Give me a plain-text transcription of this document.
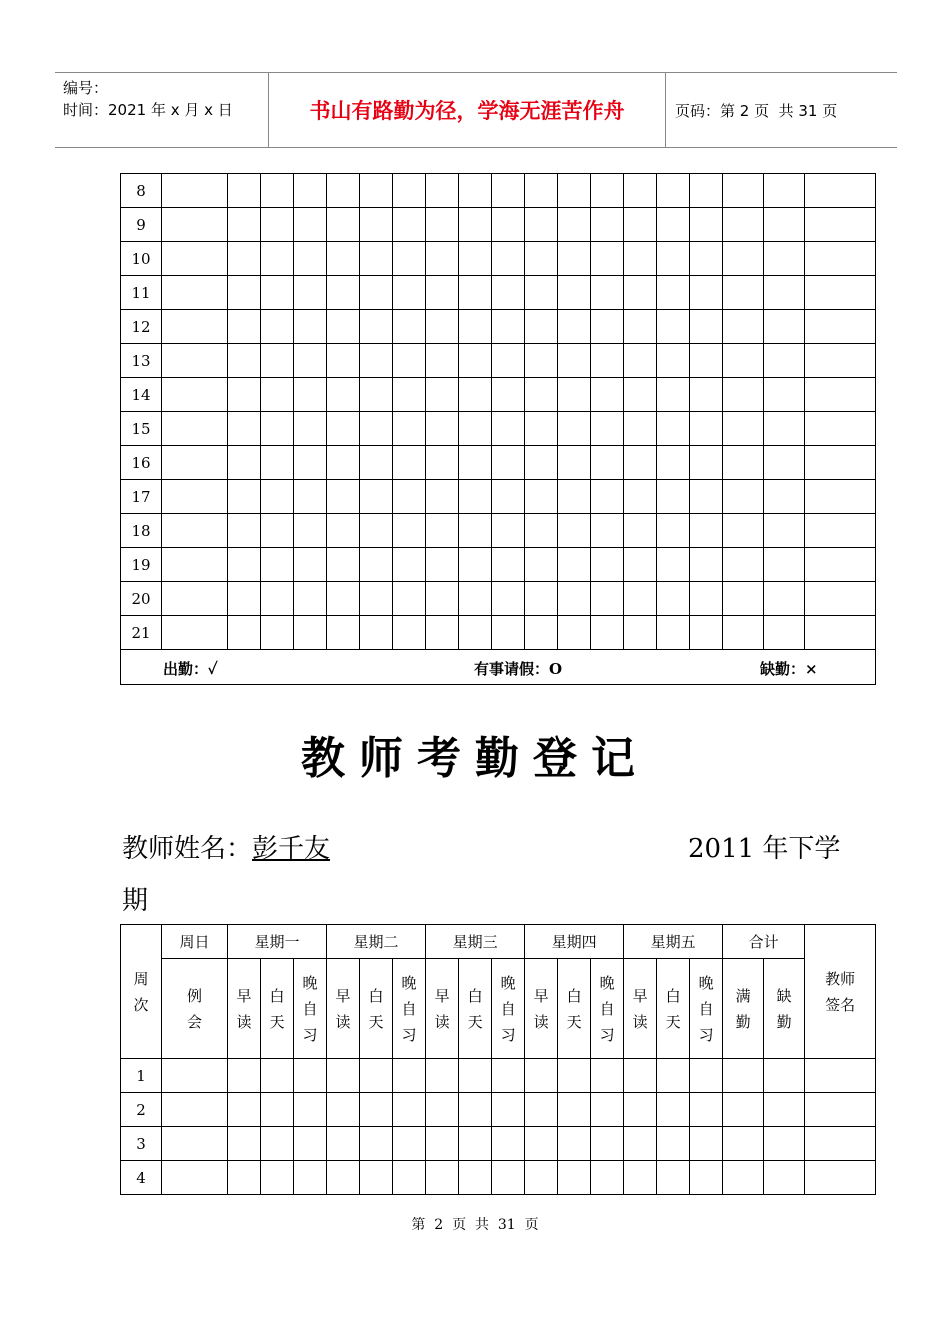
编号：
时间：2021 年 x 月 x 日	书山有路勤为径，学海无涯苦作舟	页码：第 2 页  共 31 页
8																			
9																			
10																			
11																			
12																			
13																			
14																			
15																			
16																			
17																			
18																			
19																			
20																			
21																			

出勤：✓ 有事请假：O 缺勤：×																			
教师考勤登记
教师姓名：彭千友	2011 年下学
期
周次	周日	星期一			星期二			星期三			星期四			星期五			合计		教师签名
	例会	早读	白天	晚自习	早读	白天	晚自习	早读	白天	晚自习	早读	白天	晚自习	早读	白天	晚自习	满勤	缺勤	
1																			
2																			
3																			
4																			
第  2  页  共  31  页
